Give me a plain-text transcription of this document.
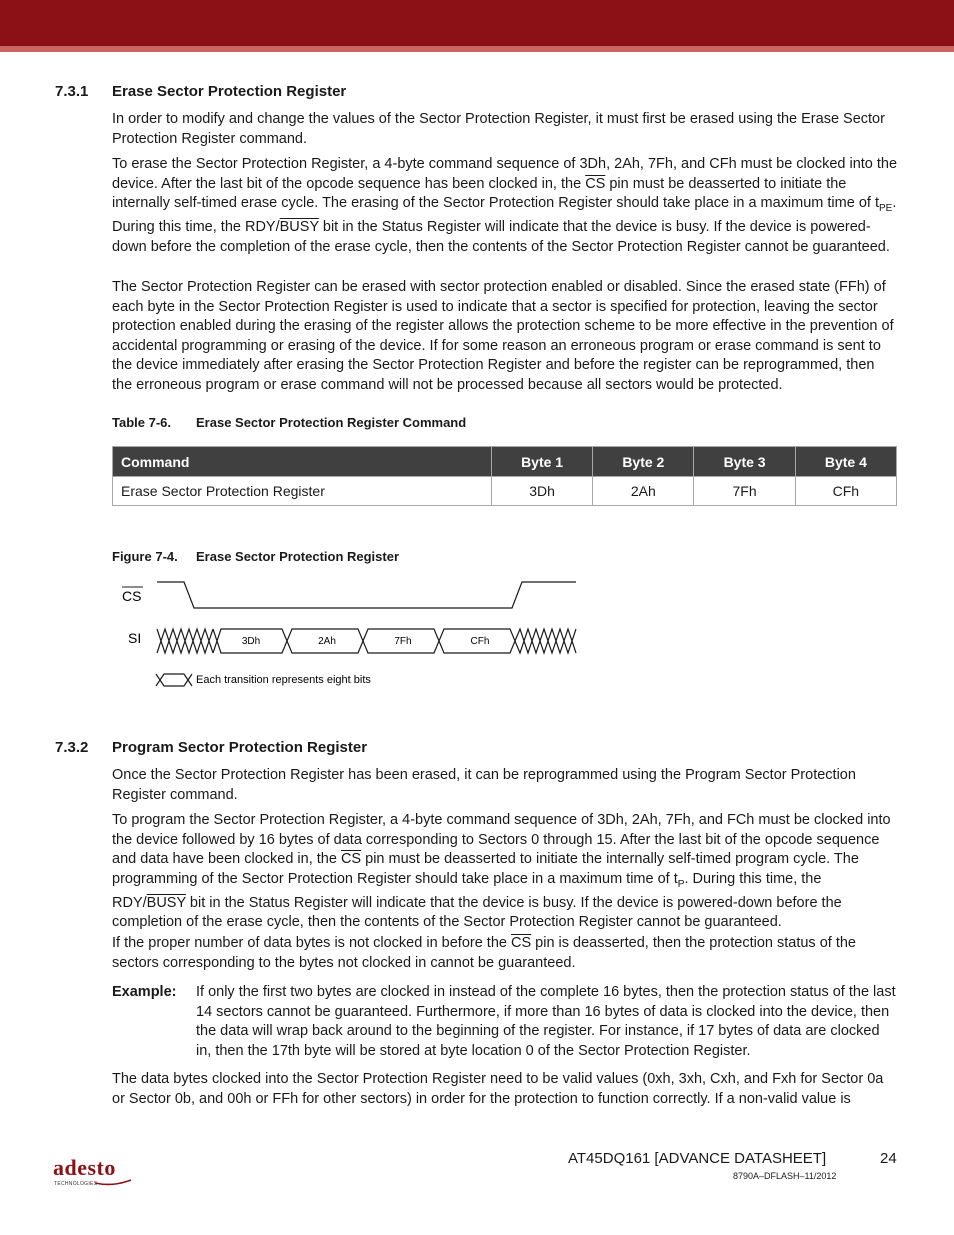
7.3.1 Erase Sector Protection Register

In order to modify and change the values of the Sector Protection Register, it must first be erased using the Erase Sector Protection Register command.

To erase the Sector Protection Register, a 4-byte command sequence of 3Dh, 2Ah, 7Fh, and CFh must be clocked into the device. After the last bit of the opcode sequence has been clocked in, the $\overline{CS}$ pin must be deasserted to initiate the internally self-timed erase cycle. The erasing of the Sector Protection Register should take place in a maximum time of $t_{PE}$. During this time, the RDY/BUSY bit in the Status Register will indicate that the device is busy. If the device is powered-down before the completion of the erase cycle, then the contents of the Sector Protection Register cannot be guaranteed.

The Sector Protection Register can be erased with sector protection enabled or disabled. Since the erased state (FFh) of each byte in the Sector Protection Register is used to indicate that a sector is specified for protection, leaving the sector protection enabled during the erasing of the register allows the protection scheme to be more effective in the prevention of accidental programming or erasing of the device. If for some reason an erroneous program or erase command is sent to the device immediately after erasing the Sector Protection Register and before the register can be reprogrammed, then the erroneous program or erase command will not be processed because all sectors would be protected.

Table 7-6. Erase Sector Protection Register Command
Command	Byte 1	Byte 2	Byte 3	Byte 4
Erase Sector Protection Register	3Dh	2Ah	7Fh	CFh
Figure 7-4. Erase Sector Protection Register
CS
SI	3Dh	2Ah	7Fh	CFh
Each transition represents eight bits
7.3.2 Program Sector Protection Register

Once the Sector Protection Register has been erased, it can be reprogrammed using the Program Sector Protection Register command.

To program the Sector Protection Register, a 4-byte command sequence of 3Dh, 2Ah, 7Fh, and FCh must be clocked into the device followed by 16 bytes of data corresponding to Sectors 0 through 15. After the last bit of the opcode sequence and data have been clocked in, the $\overline{CS}$ pin must be deasserted to initiate the internally self-timed program cycle. The programming of the Sector Protection Register should take place in a maximum time of $t_P$. During this time, the RDY/BUSY bit in the Status Register will indicate that the device is busy. If the device is powered-down before the completion of the erase cycle, then the contents of the Sector Protection Register cannot be guaranteed.

If the proper number of data bytes is not clocked in before the $\overline{CS}$ pin is deasserted, then the protection status of the sectors corresponding to the bytes not clocked in cannot be guaranteed.

Example: If only the first two bytes are clocked in instead of the complete 16 bytes, then the protection status of the last 14 sectors cannot be guaranteed. Furthermore, if more than 16 bytes of data is clocked into the device, then the data will wrap back around to the beginning of the register. For instance, if 17 bytes of data are clocked in, then the 17th byte will be stored at byte location 0 of the Sector Protection Register.

The data bytes clocked into the Sector Protection Register need to be valid values (0xh, 3xh, Cxh, and Fxh for Sector 0a or Sector 0b, and 00h or FFh for other sectors) in order for the protection to function correctly. If a non-valid value is

adesto
TECHNOLOGIES
AT45DQ161 [ADVANCE DATASHEET]	24
8790A–DFLASH–11/2012
